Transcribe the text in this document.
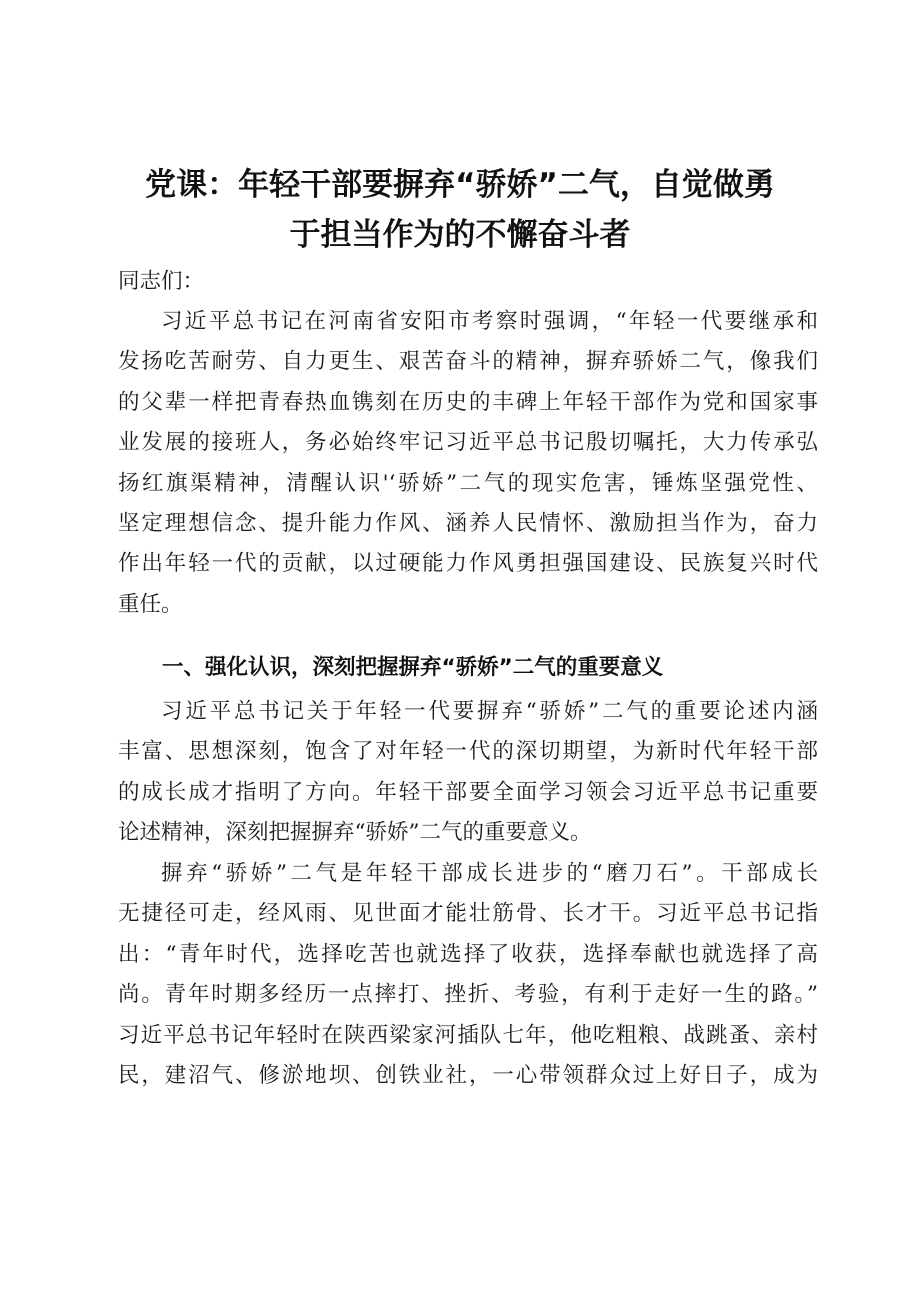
党课：年轻干部要摒弃“骄娇”二气，自觉做勇
于担当作为的不懈奋斗者

同志们：

习近平总书记在河南省安阳市考察时强调，“年轻一代要继承和
发扬吃苦耐劳、自力更生、艰苦奋斗的精神，摒弃骄娇二气，像我们
的父辈一样把青春热血镌刻在历史的丰碑上年轻干部作为党和国家事
业发展的接班人，务必始终牢记习近平总书记殷切嘱托，大力传承弘
扬红旗渠精神，清醒认识'‘骄娇”二气的现实危害，锤炼坚强党性、
坚定理想信念、提升能力作风、涵养人民情怀、激励担当作为，奋力
作出年轻一代的贡献，以过硬能力作风勇担强国建设、民族复兴时代
重任。
一、强化认识，深刻把握摒弃“骄娇”二气的重要意义
习近平总书记关于年轻一代要摒弃“骄娇”二气的重要论述内涵
丰富、思想深刻，饱含了对年轻一代的深切期望，为新时代年轻干部
的成长成才指明了方向。年轻干部要全面学习领会习近平总书记重要
论述精神，深刻把握摒弃“骄娇”二气的重要意义。
摒弃“骄娇”二气是年轻干部成长进步的“磨刀石”。干部成长
无捷径可走，经风雨、见世面才能壮筋骨、长才干。习近平总书记指
出：“青年时代，选择吃苦也就选择了收获，选择奉献也就选择了高
尚。青年时期多经历一点摔打、挫折、考验，有利于走好一生的路。”
习近平总书记年轻时在陕西梁家河插队七年，他吃粗粮、战跳蚤、亲村
民，建沼气、修淤地坝、创铁业社，一心带领群众过上好日子，成为
